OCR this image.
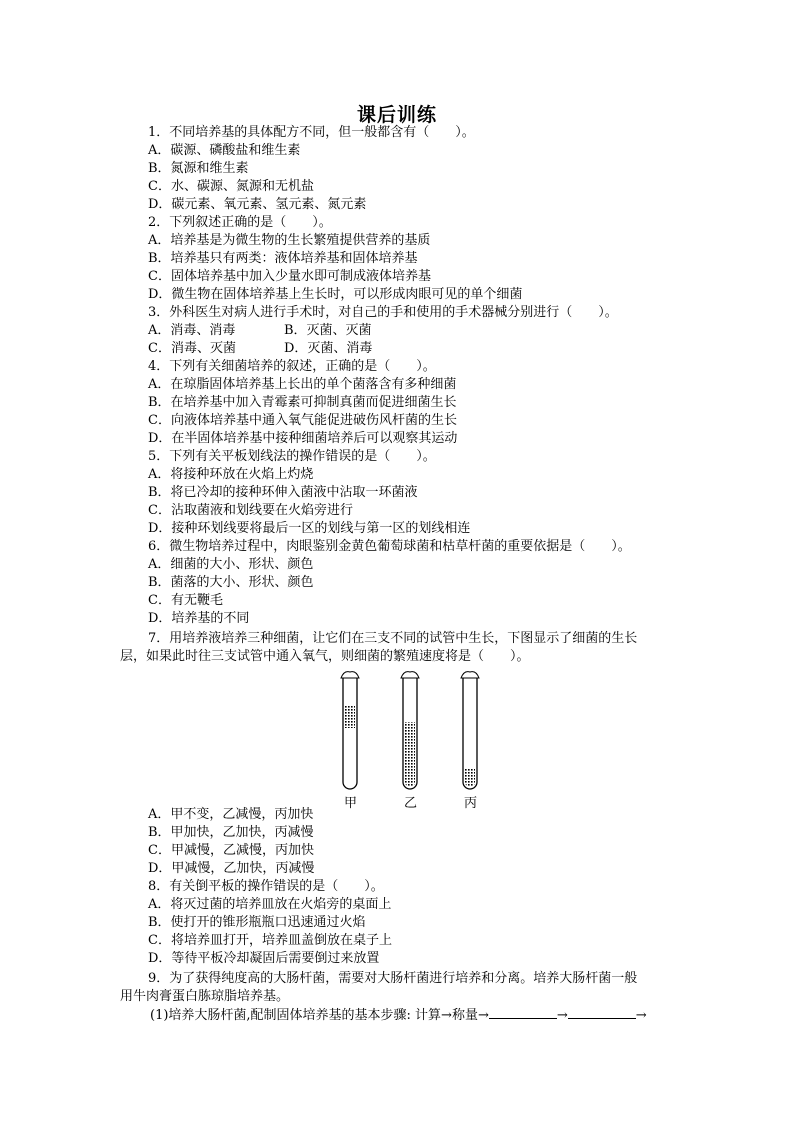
课后训练
1．不同培养基的具体配方不同，但一般都含有（　　）。
A．碳源、磷酸盐和维生素
B．氮源和维生素
C．水、碳源、氮源和无机盐
D．碳元素、氧元素、氢元素、氮元素
2．下列叙述正确的是（　　）。
A．培养基是为微生物的生长繁殖提供营养的基质
B．培养基只有两类：液体培养基和固体培养基
C．固体培养基中加入少量水即可制成液体培养基
D．微生物在固体培养基上生长时，可以形成肉眼可见的单个细菌
3．外科医生对病人进行手术时，对自己的手和使用的手术器械分别进行（　　）。
A．消毒、消毒	B．灭菌、灭菌
C．消毒、灭菌	D．灭菌、消毒
4．下列有关细菌培养的叙述，正确的是（　　）。
A．在琼脂固体培养基上长出的单个菌落含有多种细菌
B．在培养基中加入青霉素可抑制真菌而促进细菌生长
C．向液体培养基中通入氧气能促进破伤风杆菌的生长
D．在半固体培养基中接种细菌培养后可以观察其运动
5．下列有关平板划线法的操作错误的是（　　）。
A．将接种环放在火焰上灼烧
B．将已冷却的接种环伸入菌液中沾取一环菌液
C．沾取菌液和划线要在火焰旁进行
D．接种环划线要将最后一区的划线与第一区的划线相连
6．微生物培养过程中，肉眼鉴别金黄色葡萄球菌和枯草杆菌的重要依据是（　　）。
A．细菌的大小、形状、颜色
B．菌落的大小、形状、颜色
C．有无鞭毛
D．培养基的不同
7．用培养液培养三种细菌，让它们在三支不同的试管中生长，下图显示了细菌的生长
层，如果此时往三支试管中通入氧气，则细菌的繁殖速度将是（　　）。
甲	乙	丙
A．甲不变，乙减慢，丙加快
B．甲加快，乙加快，丙减慢
C．甲减慢，乙减慢，丙加快
D．甲减慢，乙加快，丙减慢
8．有关倒平板的操作错误的是（　　）。
A．将灭过菌的培养皿放在火焰旁的桌面上
B．使打开的锥形瓶瓶口迅速通过火焰
C．将培养皿打开，培养皿盖倒放在桌子上
D．等待平板冷却凝固后需要倒过来放置
9．为了获得纯度高的大肠杆菌，需要对大肠杆菌进行培养和分离。培养大肠杆菌一般
用牛肉膏蛋白胨琼脂培养基。
(1)培养大肠杆菌,配制固体培养基的基本步骤: 计算→称量→	→	→
